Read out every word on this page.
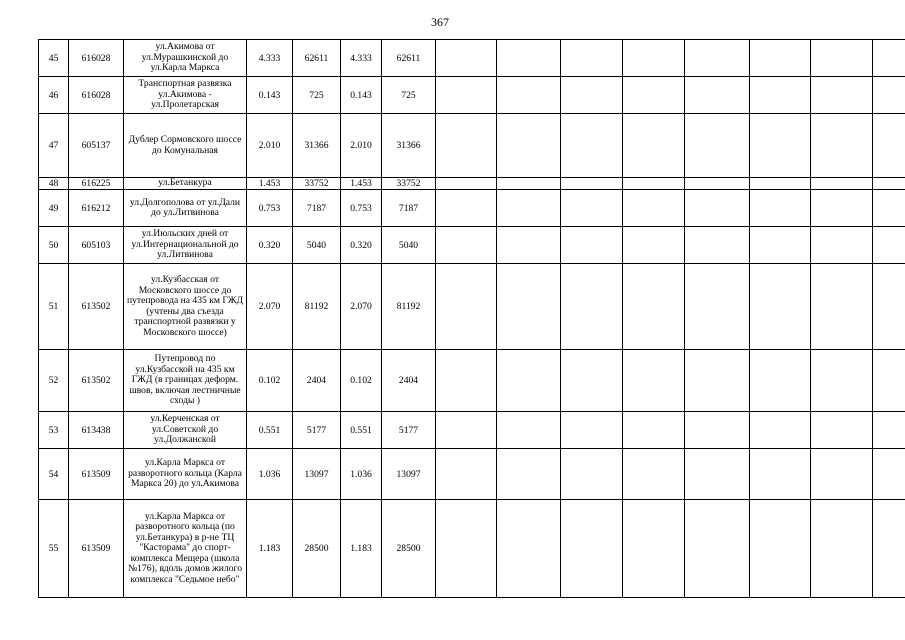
367
45	616028	ул.Акимова от ул.Мурашкинской до ул.Карла Маркса	4.333	62611	4.333	62611								
46	616028	Транспортная развязка ул.Акимова - ул.Пролетарская	0.143	725	0.143	725								
47	605137	Дублер Сормовского шоссе до Комунальная	2.010	31366	2.010	31366								
48	616225	ул.Бетанкура	1.453	33752	1.453	33752								
49	616212	ул.Долгополова от ул.Дали до ул.Литвинова	0.753	7187	0.753	7187								
50	605103	ул.Июльских дней от ул.Интернациональной до ул.Литвинова	0.320	5040	0.320	5040								
51	613502	ул.Кузбасская от Московского шоссе до путепровода на 435 км ГЖД (учтены два съезда транспортной развязки у Московского шоссе)	2.070	81192	2.070	81192								
52	613502	Путепровод по ул.Кузбасской на 435 км ГЖД (в границах деформ. швов, включая лестничные сходы )	0.102	2404	0.102	2404								
53	613438	ул.Керченская от ул.Советской до ул.Должанской	0.551	5177	0.551	5177								
54	613509	ул.Карла Маркса от разворотного кольца (Карла Маркса 20) до ул.Акимова	1.036	13097	1.036	13097								
55	613509	ул.Карла Маркса от разворотного кольца (по ул.Бетанкура) в р-не ТЦ "Касторама" до спорт-комплекса Мещера (школа №176), вдоль домов жилого комплекса "Седьмое небо"	1.183	28500	1.183	28500								
